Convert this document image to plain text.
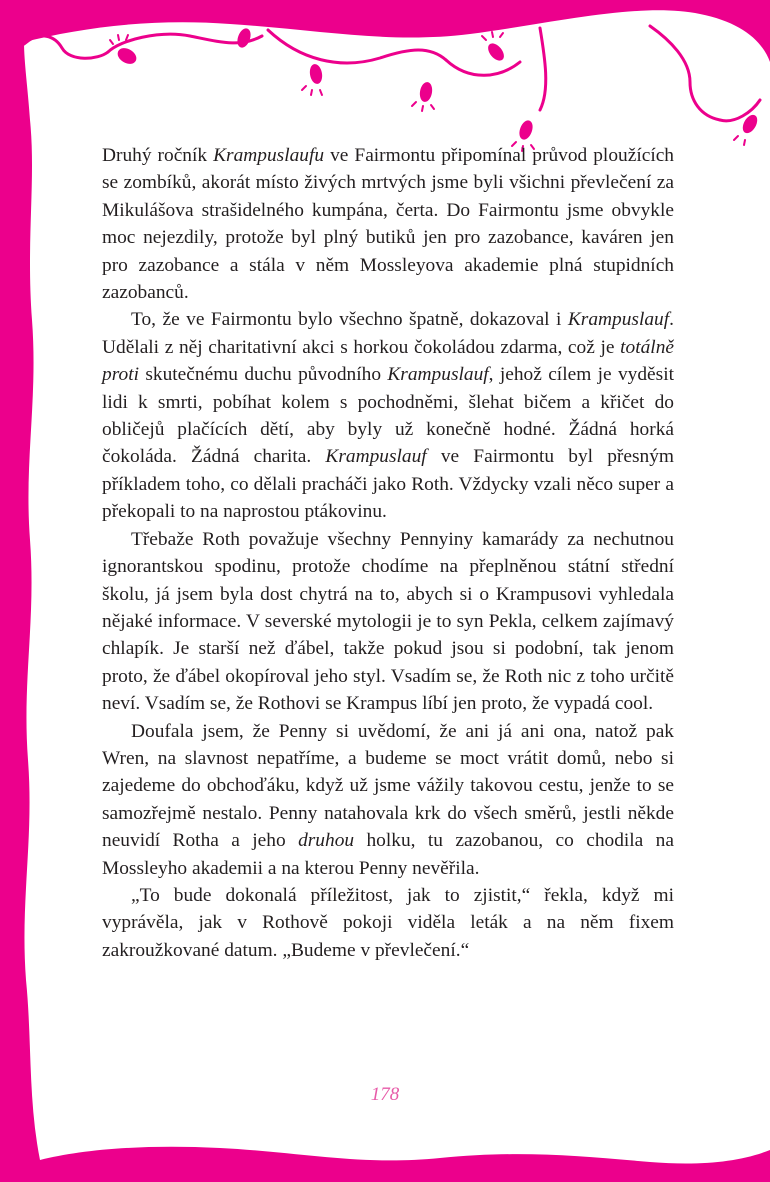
Druhý ročník Krampuslaufu ve Fairmontu připomínal průvod ploužících se zombíků, akorát místo živých mrtvých jsme byli všichni převlečení za Mikulášova strašidelného kumpána, čerta. Do Fairmontu jsme obvykle moc nejezdily, protože byl plný butiků jen pro zazobance, kaváren jen pro zazobance a stála v něm Mossleyova akademie plná stupidních zazobanců.

To, že ve Fairmontu bylo všechno špatně, dokazoval i Krampuslauf. Udělali z něj charitativní akci s horkou čokoládou zdarma, což je totálně proti skutečnému duchu původního Krampuslauf, jehož cílem je vyděsit lidi k smrti, pobíhat kolem s pochodněmi, šlehat bičem a křičet do obličejů plačících dětí, aby byly už konečně hodné. Žádná horká čokoláda. Žádná charita. Krampuslauf ve Fairmontu byl přesným příkladem toho, co dělali pracháči jako Roth. Vždycky vzali něco super a překopali to na naprostou ptákovinu.

Třebaže Roth považuje všechny Pennyiny kamarády za nechutnou ignorantskou spodinu, protože chodíme na přeplněnou státní střední školu, já jsem byla dost chytrá na to, abych si o Krampusovi vyhledala nějaké informace. V severské mytologii je to syn Pekla, celkem zajímavý chlapík. Je starší než ďábel, takže pokud jsou si podobní, tak jenom proto, že ďábel okopíroval jeho styl. Vsadím se, že Roth nic z toho určitě neví. Vsadím se, že Rothovi se Krampus líbí jen proto, že vypadá cool.

Doufala jsem, že Penny si uvědomí, že ani já ani ona, natož pak Wren, na slavnost nepatříme, a budeme se moct vrátit domů, nebo si zajedeme do obchoďáku, když už jsme vážily takovou cestu, jenže to se samozřejmě nestalo. Penny natahovala krk do všech směrů, jestli někde neuvidí Rotha a jeho druhou holku, tu zazobanou, co chodila na Mossleyho akademii a na kterou Penny nevěřila.

„To bude dokonalá příležitost, jak to zjistit,“ řekla, když mi vyprávěla, jak v Rothově pokoji viděla leták a na něm fixem zakroužkované datum. „Budeme v převlečení.“

178
